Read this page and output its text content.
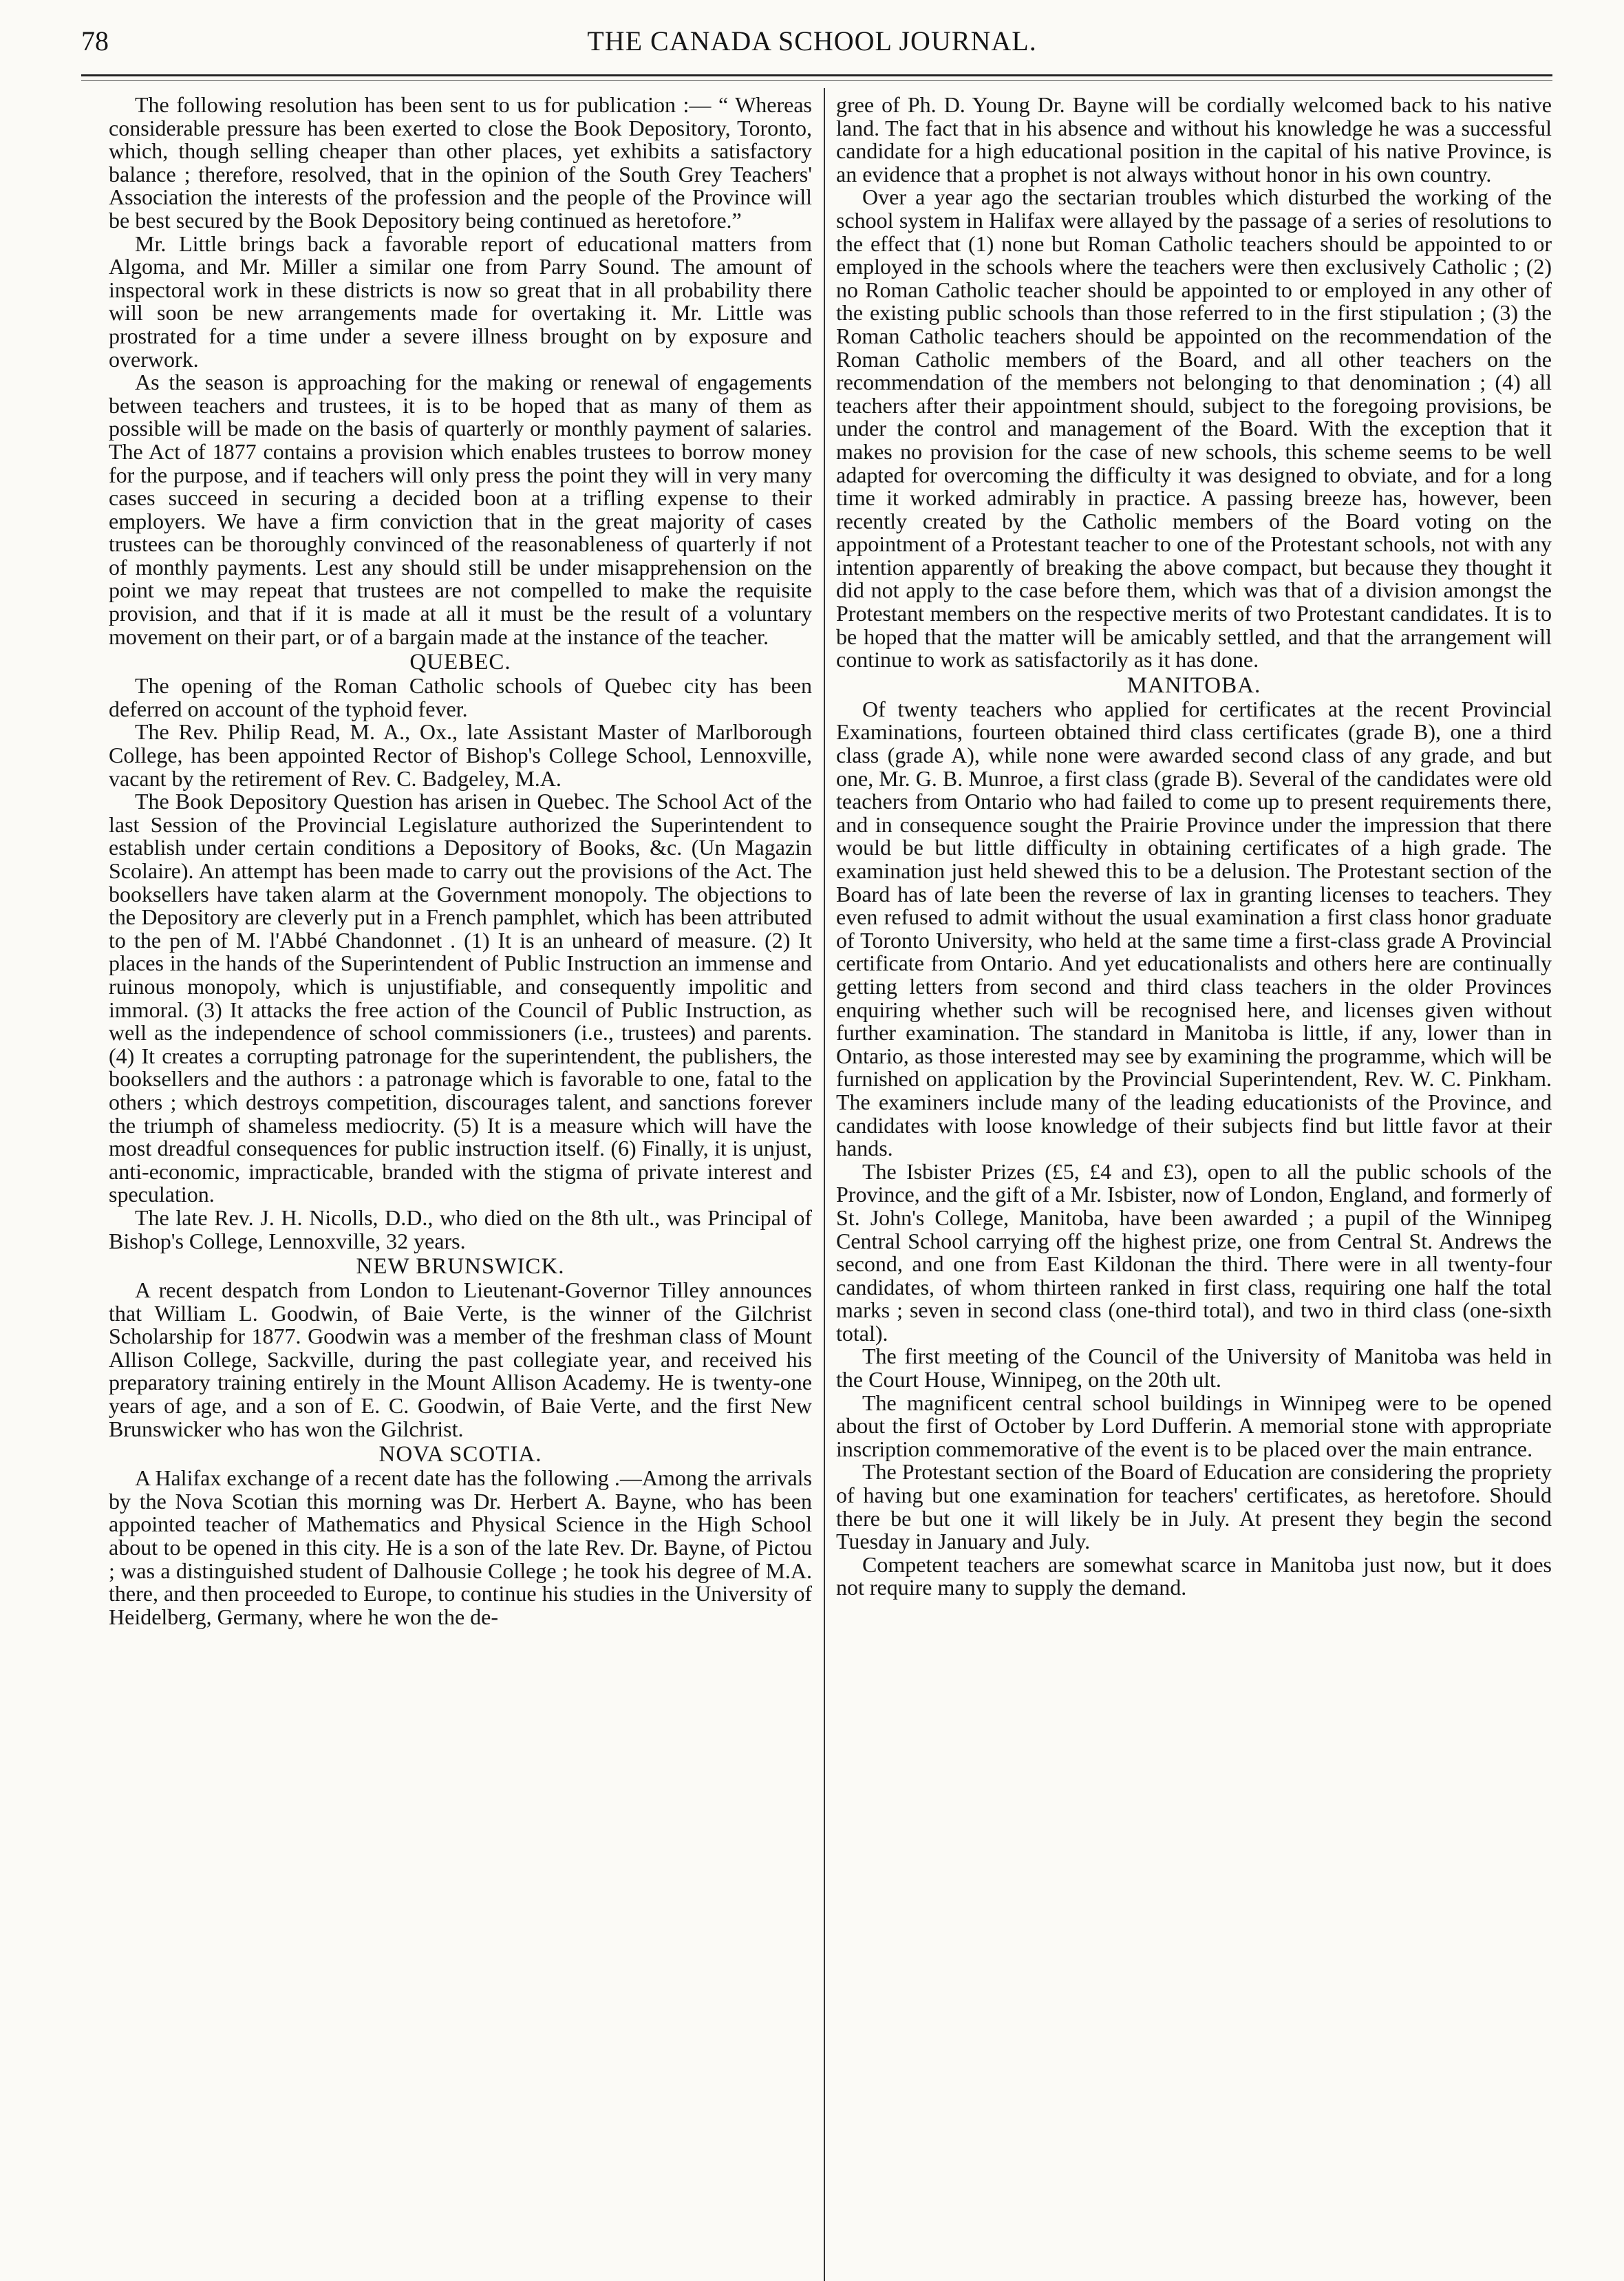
78	THE CANADA SCHOOL JOURNAL.

The following resolution has been sent to us for publication :— “ Whereas considerable pressure has been exerted to close the Book Depository, Toronto, which, though selling cheaper than other places, yet exhibits a satisfactory balance ; therefore, resolved, that in the opinion of the South Grey Teachers' Association the interests of the profession and the people of the Province will be best secured by the Book Depository being continued as heretofore.”

Mr. Little brings back a favorable report of educational matters from Algoma, and Mr. Miller a similar one from Parry Sound. The amount of inspectoral work in these districts is now so great that in all probability there will soon be new arrangements made for overtaking it. Mr. Little was prostrated for a time under a severe illness brought on by exposure and overwork.

As the season is approaching for the making or renewal of engagements between teachers and trustees, it is to be hoped that as many of them as possible will be made on the basis of quarterly or monthly payment of salaries. The Act of 1877 contains a provision which enables trustees to borrow money for the purpose, and if teachers will only press the point they will in very many cases succeed in securing a decided boon at a trifling expense to their employers. We have a firm conviction that in the great majority of cases trustees can be thoroughly convinced of the reasonableness of quarterly if not of monthly payments. Lest any should still be under misapprehension on the point we may repeat that trustees are not compelled to make the requisite provision, and that if it is made at all it must be the result of a voluntary movement on their part, or of a bargain made at the instance of the teacher.

QUEBEC.

The opening of the Roman Catholic schools of Quebec city has been deferred on account of the typhoid fever.

The Rev. Philip Read, M. A., Ox., late Assistant Master of Marlborough College, has been appointed Rector of Bishop's College School, Lennoxville, vacant by the retirement of Rev. C. Badgeley, M.A.

The Book Depository Question has arisen in Quebec. The School Act of the last Session of the Provincial Legislature authorized the Superintendent to establish under certain conditions a Depository of Books, &c. (Un Magazin Scolaire). An attempt has been made to carry out the provisions of the Act. The booksellers have taken alarm at the Government monopoly. The objections to the Depository are cleverly put in a French pamphlet, which has been attributed to the pen of M. l'Abbé Chandonnet . (1) It is an unheard of measure. (2) It places in the hands of the Superintendent of Public Instruction an immense and ruinous monopoly, which is unjustifiable, and consequently impolitic and immoral. (3) It attacks the free action of the Council of Public Instruction, as well as the independence of school commissioners (i.e., trustees) and parents. (4) It creates a corrupting patronage for the superintendent, the publishers, the booksellers and the authors : a patronage which is favorable to one, fatal to the others ; which destroys competition, discourages talent, and sanctions forever the triumph of shameless mediocrity. (5) It is a measure which will have the most dreadful consequences for public instruction itself. (6) Finally, it is unjust, anti-economic, impracticable, branded with the stigma of private interest and speculation.

The late Rev. J. H. Nicolls, D.D., who died on the 8th ult., was Principal of Bishop's College, Lennoxville, 32 years.

NEW BRUNSWICK.

A recent despatch from London to Lieutenant-Governor Tilley announces that William L. Goodwin, of Baie Verte, is the winner of the Gilchrist Scholarship for 1877. Goodwin was a member of the freshman class of Mount Allison College, Sackville, during the past collegiate year, and received his preparatory training entirely in the Mount Allison Academy. He is twenty-one years of age, and a son of E. C. Goodwin, of Baie Verte, and the first New Brunswicker who has won the Gilchrist.

NOVA SCOTIA.

A Halifax exchange of a recent date has the following .—Among the arrivals by the Nova Scotian this morning was Dr. Herbert A. Bayne, who has been appointed teacher of Mathematics and Physical Science in the High School about to be opened in this city. He is a son of the late Rev. Dr. Bayne, of Pictou ; was a distinguished student of Dalhousie College ; he took his degree of M.A. there, and then proceeded to Europe, to continue his studies in the University of Heidelberg, Germany, where he won the de-

gree of Ph. D. Young Dr. Bayne will be cordially welcomed back to his native land. The fact that in his absence and without his knowledge he was a successful candidate for a high educational position in the capital of his native Province, is an evidence that a prophet is not always without honor in his own country.

Over a year ago the sectarian troubles which disturbed the working of the school system in Halifax were allayed by the passage of a series of resolutions to the effect that (1) none but Roman Catholic teachers should be appointed to or employed in the schools where the teachers were then exclusively Catholic ; (2) no Roman Catholic teacher should be appointed to or employed in any other of the existing public schools than those referred to in the first stipulation ; (3) the Roman Catholic teachers should be appointed on the recommendation of the Roman Catholic members of the Board, and all other teachers on the recommendation of the members not belonging to that denomination ; (4) all teachers after their appointment should, subject to the foregoing provisions, be under the control and management of the Board. With the exception that it makes no provision for the case of new schools, this scheme seems to be well adapted for overcoming the difficulty it was designed to obviate, and for a long time it worked admirably in practice. A passing breeze has, however, been recently created by the Catholic members of the Board voting on the appointment of a Protestant teacher to one of the Protestant schools, not with any intention apparently of breaking the above compact, but because they thought it did not apply to the case before them, which was that of a division amongst the Protestant members on the respective merits of two Protestant candidates. It is to be hoped that the matter will be amicably settled, and that the arrangement will continue to work as satisfactorily as it has done.

MANITOBA.

Of twenty teachers who applied for certificates at the recent Provincial Examinations, fourteen obtained third class certificates (grade B), one a third class (grade A), while none were awarded second class of any grade, and but one, Mr. G. B. Munroe, a first class (grade B). Several of the candidates were old teachers from Ontario who had failed to come up to present requirements there, and in consequence sought the Prairie Province under the impression that there would be but little difficulty in obtaining certificates of a high grade. The examination just held shewed this to be a delusion. The Protestant section of the Board has of late been the reverse of lax in granting licenses to teachers. They even refused to admit without the usual examination a first class honor graduate of Toronto University, who held at the same time a first-class grade A Provincial certificate from Ontario. And yet educationalists and others here are continually getting letters from second and third class teachers in the older Provinces enquiring whether such will be recognised here, and licenses given without further examination. The standard in Manitoba is little, if any, lower than in Ontario, as those interested may see by examining the programme, which will be furnished on application by the Provincial Superintendent, Rev. W. C. Pinkham. The examiners include many of the leading educationists of the Province, and candidates with loose knowledge of their subjects find but little favor at their hands.

The Isbister Prizes (£5, £4 and £3), open to all the public schools of the Province, and the gift of a Mr. Isbister, now of London, England, and formerly of St. John's College, Manitoba, have been awarded ; a pupil of the Winnipeg Central School carrying off the highest prize, one from Central St. Andrews the second, and one from East Kildonan the third. There were in all twenty-four candidates, of whom thirteen ranked in first class, requiring one half the total marks ; seven in second class (one-third total), and two in third class (one-sixth total).

The first meeting of the Council of the University of Manitoba was held in the Court House, Winnipeg, on the 20th ult.

The magnificent central school buildings in Winnipeg were to be opened about the first of October by Lord Dufferin. A memorial stone with appropriate inscription commemorative of the event is to be placed over the main entrance.

The Protestant section of the Board of Education are considering the propriety of having but one examination for teachers' certificates, as heretofore. Should there be but one it will likely be in July. At present they begin the second Tuesday in January and July.

Competent teachers are somewhat scarce in Manitoba just now, but it does not require many to supply the demand.
